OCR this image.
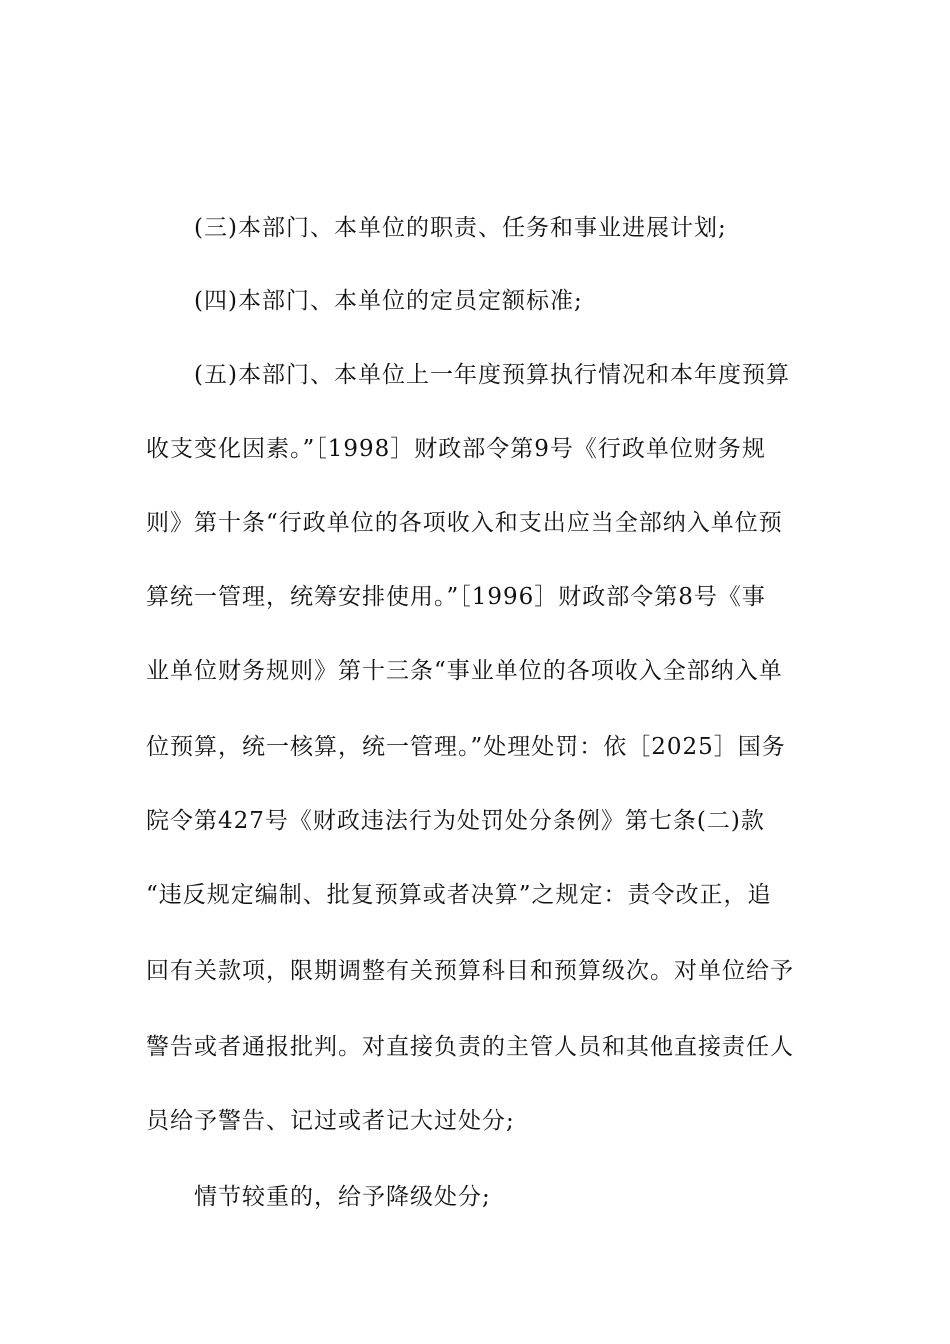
(三)本部门、本单位的职责、任务和事业进展计划;
(四)本部门、本单位的定员定额标准;
(五)本部门、本单位上一年度预算执行情况和本年度预算
收支变化因素。”［1998］财政部令第9号《行政单位财务规
则》第十条“行政单位的各项收入和支出应当全部纳入单位预
算统一管理，统筹安排使用。”［1996］财政部令第8号《事
业单位财务规则》第十三条“事业单位的各项收入全部纳入单
位预算，统一核算，统一管理。”处理处罚：依［2025］国务
院令第427号《财政违法行为处罚处分条例》第七条(二)款
“违反规定编制、批复预算或者决算”之规定：责令改正，追
回有关款项，限期调整有关预算科目和预算级次。对单位给予
警告或者通报批判。对直接负责的主管人员和其他直接责任人
员给予警告、记过或者记大过处分;
情节较重的，给予降级处分;
